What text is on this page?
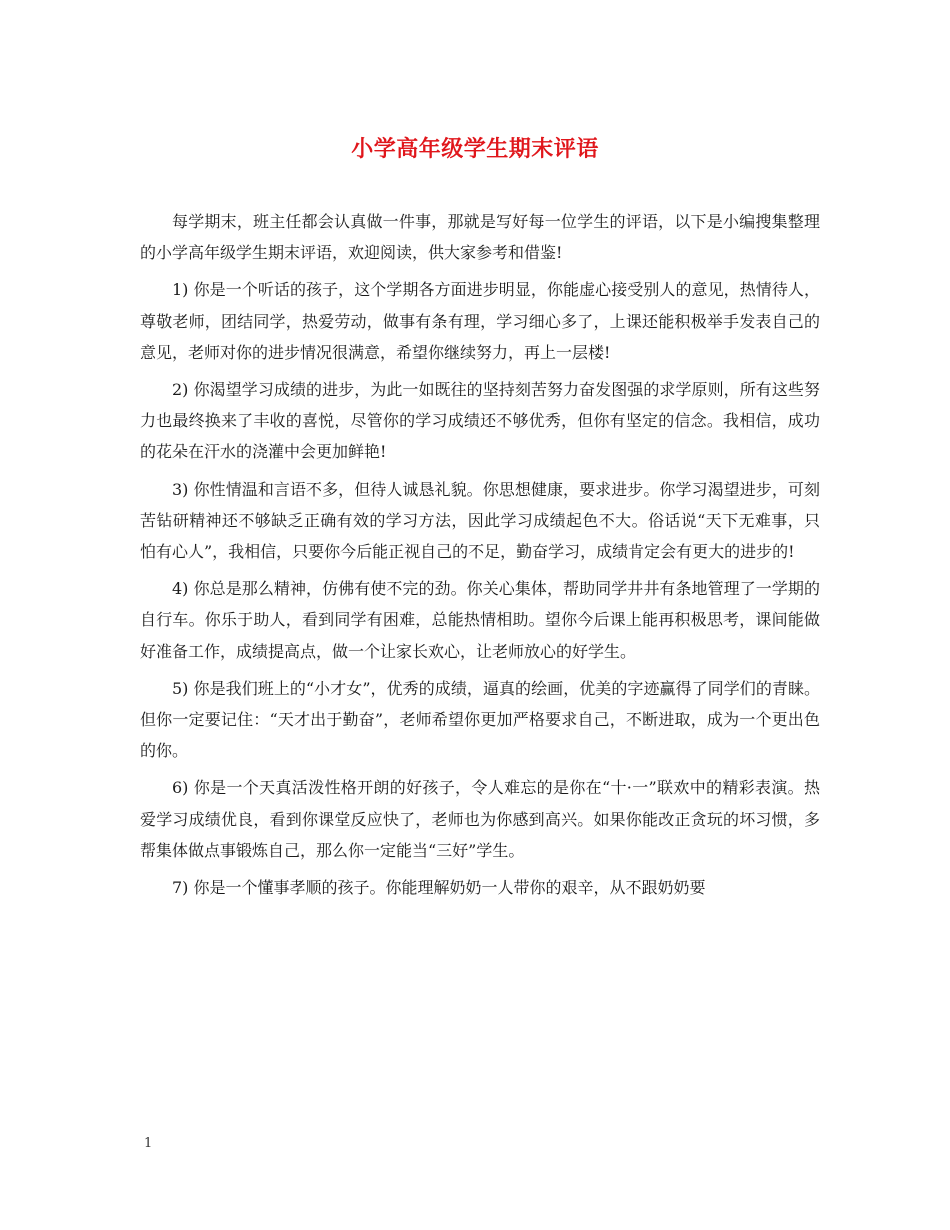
小学高年级学生期末评语

每学期末，班主任都会认真做一件事，那就是写好每一位学生的评语，以下是小编搜集整理的小学高年级学生期末评语，欢迎阅读，供大家参考和借鉴!

1) 你是一个听话的孩子，这个学期各方面进步明显，你能虚心接受别人的意见，热情待人，尊敬老师，团结同学，热爱劳动，做事有条有理，学习细心多了，上课还能积极举手发表自己的意见，老师对你的进步情况很满意，希望你继续努力，再上一层楼!

2) 你渴望学习成绩的进步，为此一如既往的坚持刻苦努力奋发图强的求学原则，所有这些努力也最终换来了丰收的喜悦，尽管你的学习成绩还不够优秀，但你有坚定的信念。我相信，成功的花朵在汗水的浇灌中会更加鲜艳!

3) 你性情温和言语不多，但待人诚恳礼貌。你思想健康，要求进步。你学习渴望进步，可刻苦钻研精神还不够缺乏正确有效的学习方法，因此学习成绩起色不大。俗话说“天下无难事，只怕有心人”，我相信，只要你今后能正视自己的不足，勤奋学习，成绩肯定会有更大的进步的!

4) 你总是那么精神，仿佛有使不完的劲。你关心集体，帮助同学井井有条地管理了一学期的自行车。你乐于助人，看到同学有困难，总能热情相助。望你今后课上能再积极思考，课间能做好准备工作，成绩提高点，做一个让家长欢心，让老师放心的好学生。

5) 你是我们班上的“小才女”，优秀的成绩，逼真的绘画，优美的字迹赢得了同学们的青睐。但你一定要记住：“天才出于勤奋”，老师希望你更加严格要求自己，不断进取，成为一个更出色的你。

6) 你是一个天真活泼性格开朗的好孩子，令人难忘的是你在“十·一”联欢中的精彩表演。热爱学习成绩优良，看到你课堂反应快了，老师也为你感到高兴。如果你能改正贪玩的坏习惯，多帮集体做点事锻炼自己，那么你一定能当“三好”学生。

7) 你是一个懂事孝顺的孩子。你能理解奶奶一人带你的艰辛，从不跟奶奶要

1
